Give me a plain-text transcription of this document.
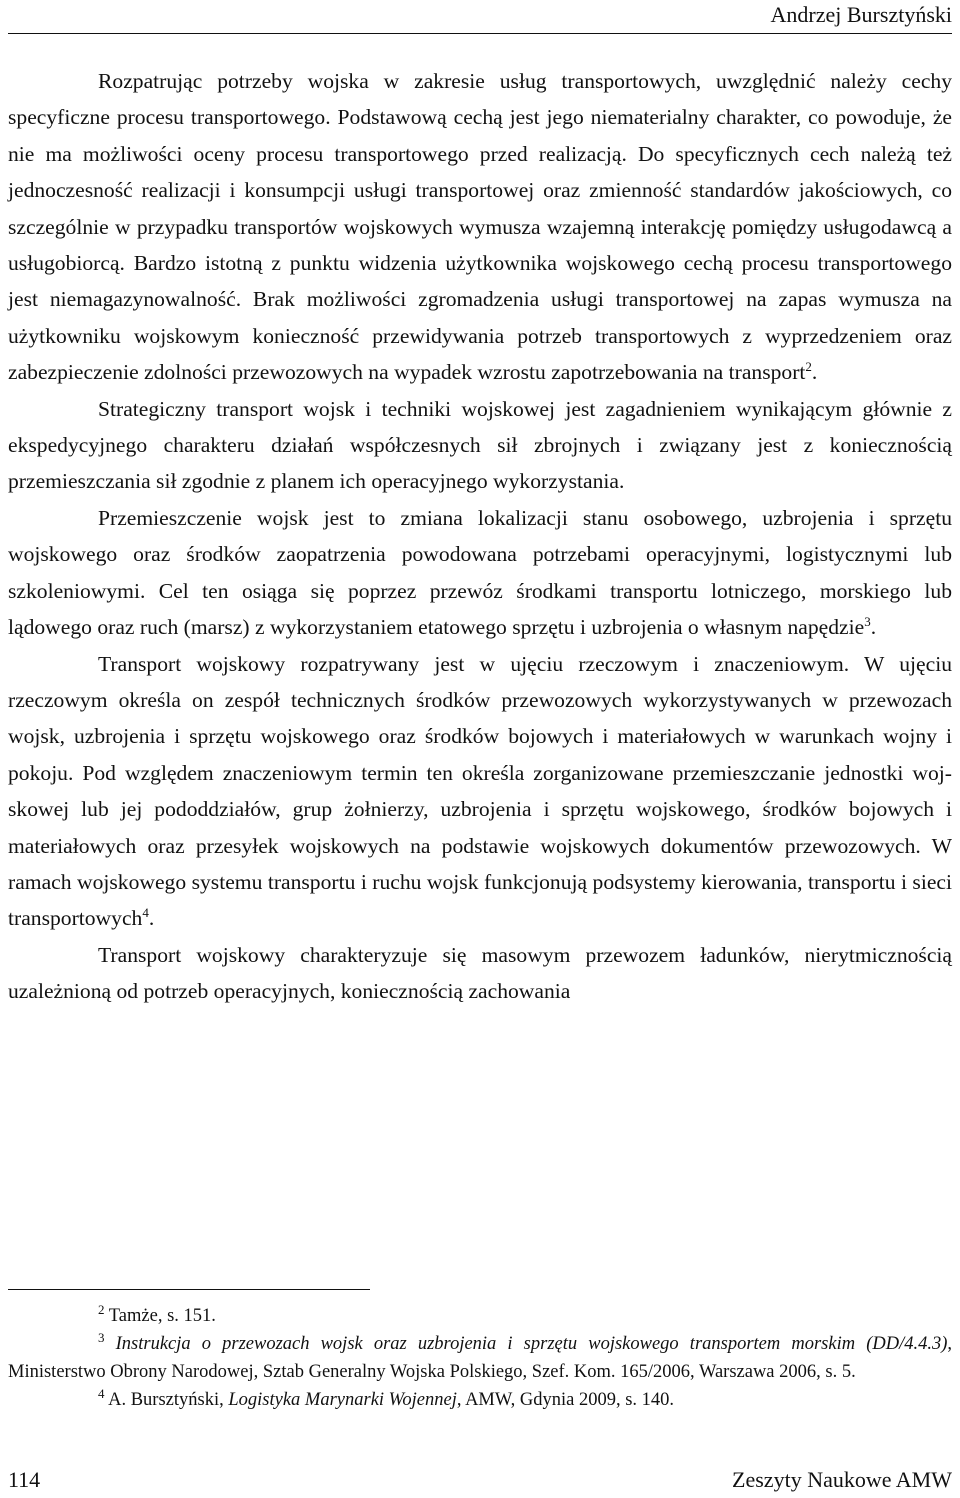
Andrzej Bursztyński

Rozpatrując potrzeby wojska w zakresie usług transportowych, uwzględnić należy cechy specyficzne procesu transportowego. Podstawową cechą jest jego niematerialny charakter, co powoduje, że nie ma możliwości oceny procesu transportowego przed realizacją. Do specyficznych cech należą też jednoczesność realizacji i konsumpcji usługi transportowej oraz zmienność standardów jakościowych, co szczególnie w przypadku transportów wojskowych wymusza wzajemną interakcję pomiędzy usługodawcą a usługobiorcą. Bardzo istotną z punktu widzenia użytkownika wojskowego cechą procesu transportowego jest niemagazynowalność. Brak możliwości zgromadzenia usługi transportowej na zapas wymusza na użytkowniku wojskowym konieczność przewidywania potrzeb transportowych z wyprzedzeniem oraz zabezpieczenie zdolności przewozowych na wypadek wzrostu zapotrzebowania na transport$^2$.

Strategiczny transport wojsk i techniki wojskowej jest zagadnieniem wynikającym głównie z ekspedycyjnego charakteru działań współczesnych sił zbrojnych i związany jest z koniecznością przemieszczania sił zgodnie z planem ich operacyjnego wykorzystania.

Przemieszczenie wojsk jest to zmiana lokalizacji stanu osobowego, uzbrojenia i sprzętu wojskowego oraz środków zaopatrzenia powodowana potrzebami operacyjnymi, logistycznymi lub szkoleniowymi. Cel ten osiąga się poprzez przewóz środkami transportu lotniczego, morskiego lub lądowego oraz ruch (marsz) z wykorzystaniem etatowego sprzętu i uzbrojenia o własnym napędzie$^3$.

Transport wojskowy rozpatrywany jest w ujęciu rzeczowym i znaczeniowym. W ujęciu rzeczowym określa on zespół technicznych środków przewozowych wykorzystywanych w przewozach wojsk, uzbrojenia i sprzętu wojskowego oraz środków bojowych i materiałowych w warunkach wojny i pokoju. Pod względem znaczeniowym termin ten określa zorganizowane przemieszczanie jednostki wojskowej lub jej pododdziałów, grup żołnierzy, uzbrojenia i sprzętu wojskowego, środków bojowych i materiałowych oraz przesyłek wojskowych na podstawie wojskowych dokumentów przewozowych. W ramach wojskowego systemu transportu i ruchu wojsk funkcjonują podsystemy kierowania, transportu i sieci transportowych$^4$.

Transport wojskowy charakteryzuje się masowym przewozem ładunków, nierytmicznością uzależnioną od potrzeb operacyjnych, koniecznością zachowania

$^2$ Tamże, s. 151.

$^3$ Instrukcja o przewozach wojsk oraz uzbrojenia i sprzętu wojskowego transportem morskim (DD/4.4.3), Ministerstwo Obrony Narodowej, Sztab Generalny Wojska Polskiego, Szef. Kom. 165/2006, Warszawa 2006, s. 5.

$^4$ A. Bursztyński, Logistyka Marynarki Wojennej, AMW, Gdynia 2009, s. 140.

114	Zeszyty Naukowe AMW
